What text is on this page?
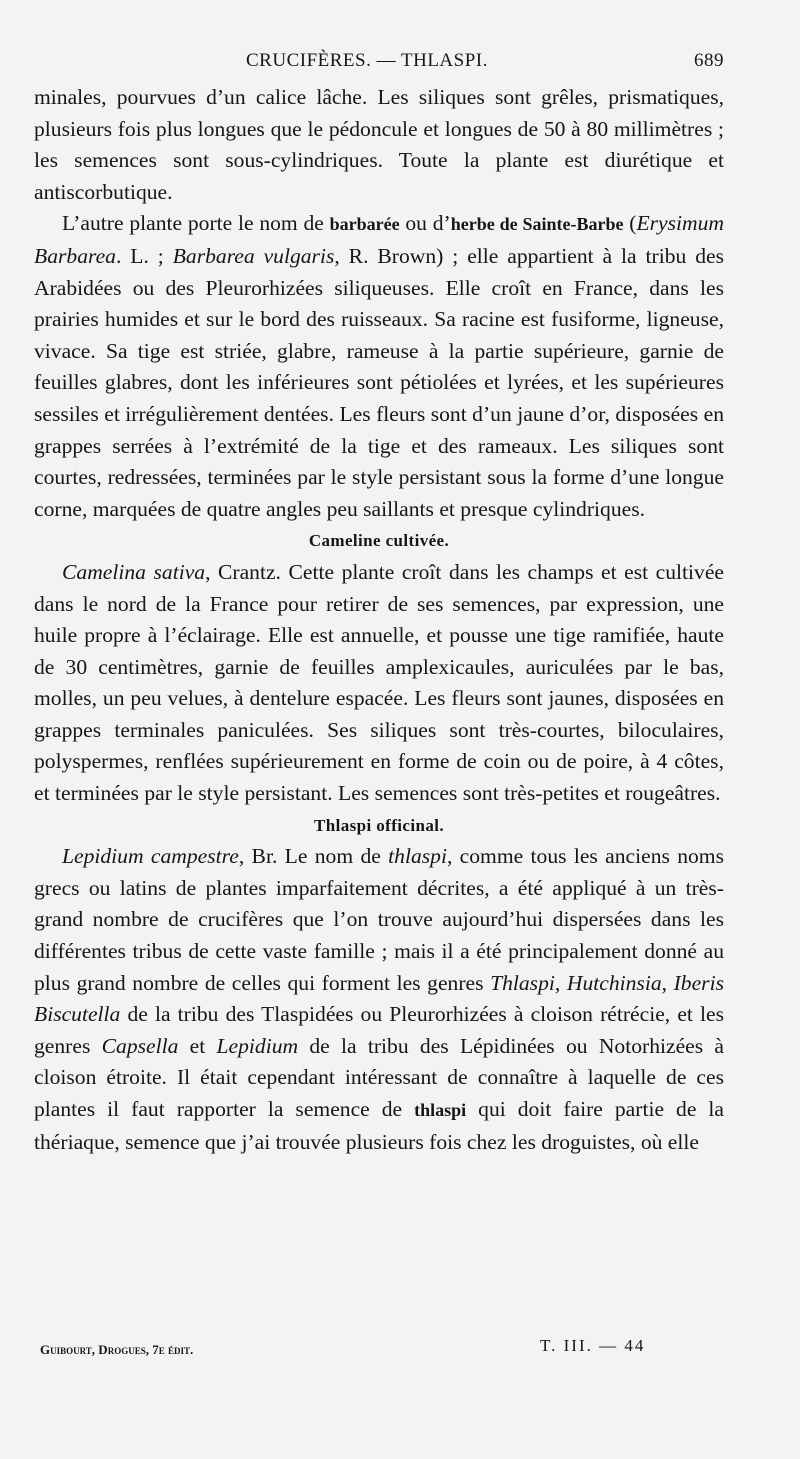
CRUCIFÈRES. — THLASPI.	689

minales, pourvues d’un calice lâche. Les siliques sont grêles, prismatiques, plusieurs fois plus longues que le pédoncule et longues de 50 à 80 millimètres ; les semences sont sous-cylindriques. Toute la plante est diurétique et antiscorbutique.

L’autre plante porte le nom de barbarée ou d’herbe de Sainte-Barbe (Erysimum Barbarea. L. ; Barbarea vulgaris, R. Brown) ; elle appartient à la tribu des Arabidées ou des Pleurorhizées siliqueuses. Elle croît en France, dans les prairies humides et sur le bord des ruisseaux. Sa racine est fusiforme, ligneuse, vivace. Sa tige est striée, glabre, rameuse à la partie supérieure, garnie de feuilles glabres, dont les inférieures sont pétiolées et lyrées, et les supérieures sessiles et irrégulièrement dentées. Les fleurs sont d’un jaune d’or, disposées en grappes serrées à l’extrémité de la tige et des rameaux. Les siliques sont courtes, redressées, terminées par le style persistant sous la forme d’une longue corne, marquées de quatre angles peu saillants et presque cylindriques.

Cameline cultivée.

Camelina sativa, Crantz. Cette plante croît dans les champs et est cultivée dans le nord de la France pour retirer de ses semences, par expression, une huile propre à l’éclairage. Elle est annuelle, et pousse une tige ramifiée, haute de 30 centimètres, garnie de feuilles amplexicaules, auriculées par le bas, molles, un peu velues, à dentelure espacée. Les fleurs sont jaunes, disposées en grappes terminales paniculées. Ses siliques sont très-courtes, biloculaires, polyspermes, renflées supérieurement en forme de coin ou de poire, à 4 côtes, et terminées par le style persistant. Les semences sont très-petites et rougeâtres.

Thlaspi officinal.

Lepidium campestre, Br. Le nom de thlaspi, comme tous les anciens noms grecs ou latins de plantes imparfaitement décrites, a été appliqué à un très-grand nombre de crucifères que l’on trouve aujourd’hui dispersées dans les différentes tribus de cette vaste famille ; mais il a été principalement donné au plus grand nombre de celles qui forment les genres Thlaspi, Hutchinsia, Iberis Biscutella de la tribu des Tlaspidées ou Pleurorhizées à cloison rétrécie, et les genres Capsella et Lepidium de la tribu des Lépidinées ou Notorhizées à cloison étroite. Il était cependant intéressant de connaître à laquelle de ces plantes il faut rapporter la semence de thlaspi qui doit faire partie de la thériaque, semence que j’ai trouvée plusieurs fois chez les droguistes, où elle

Guibourt, Drogues, 7e édit.	T. III. — 44
